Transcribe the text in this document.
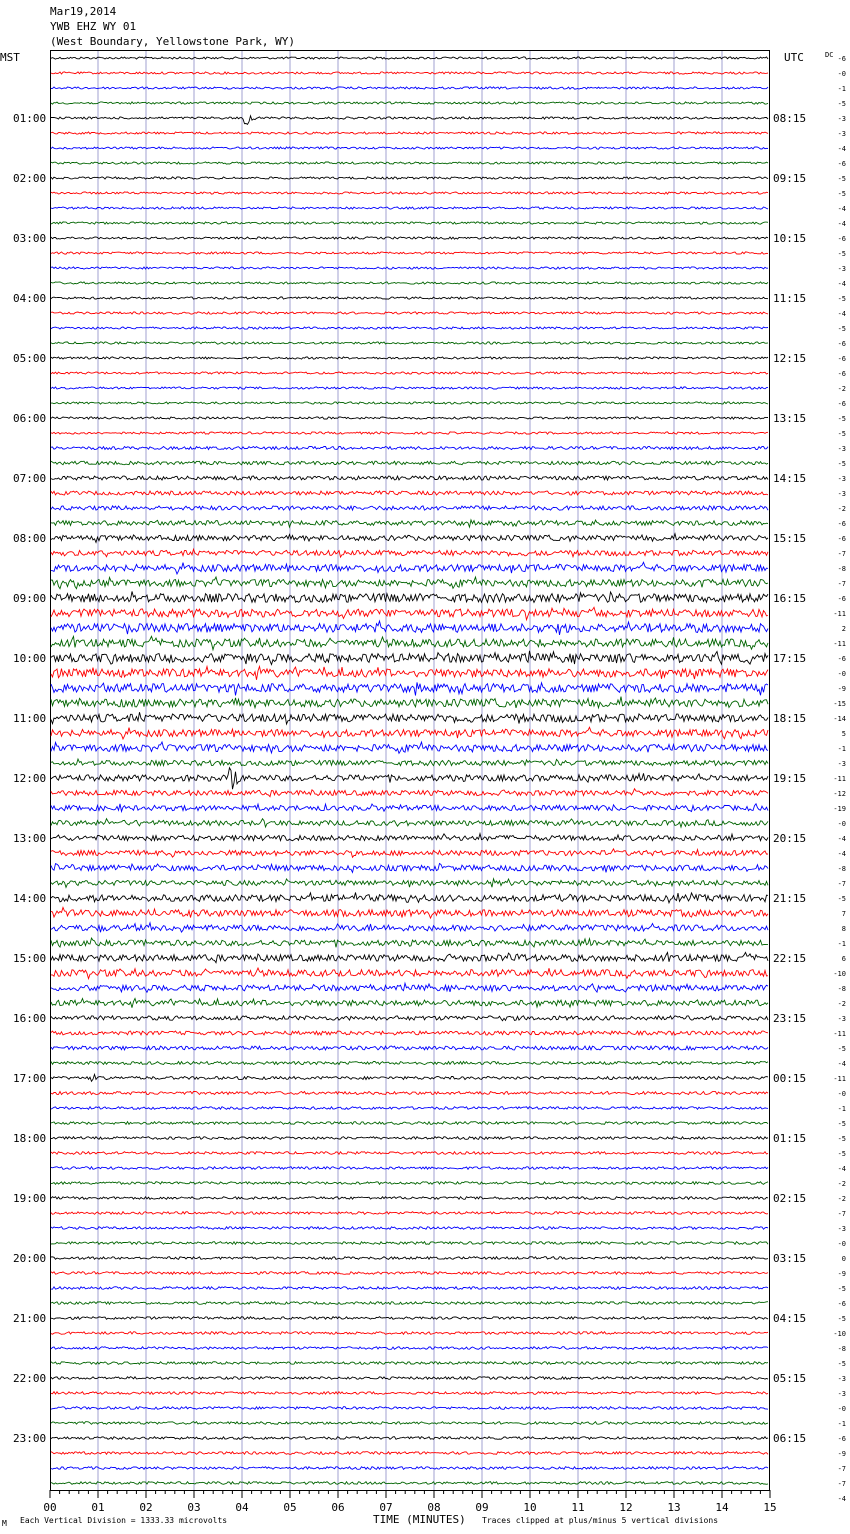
Mar19,2014
YWB EHZ WY 01
(West Boundary, Yellowstone Park, WY)
01:00
02:00
03:00
04:00
05:00
06:00
07:00
08:00
09:00
10:00
11:00
12:00
13:00
14:00
15:00
16:00
17:00
18:00
19:00
20:00
21:00
22:00
23:00
08:15
09:15
10:15
11:15
12:15
13:15
14:15
15:15
16:15
17:15
18:15
19:15
20:15
21:15
22:15
23:15
00:15
01:15
02:15
03:15
04:15
05:15
06:15
-6
-0
-1
-5
-3
-3
-4
-6
-5
-5
-4
-4
-6
-5
-3
-4
-5
-4
-5
-6
-6
-6
-2
-6
-5
-5
-3
-5
-3
-3
-2
-6
-6
-7
-8
-7
-6
-11
2
-11
-6
-0
-9
-15
-14
5
-1
-3
-11
-12
-19
-0
-4
-4
-8
-7
-5
7
8
-1
6
-10
-8
-2
-3
-11
-5
-4
-11
-0
-1
-5
-5
-5
-4
-2
-2
-7
-3
-0
0
-9
-5
-6
-5
-10
-8
-5
-3
-3
-0
-1
-6
-9
-7
-7
-4
00	01	02	03	04	05	06	07	08	09	10	11	12	13	14	15
MST	UTC	DC
TIME (MINUTES)
Each Vertical Division = 1333.33 microvolts	Traces clipped at plus/minus 5 vertical divisions
M
